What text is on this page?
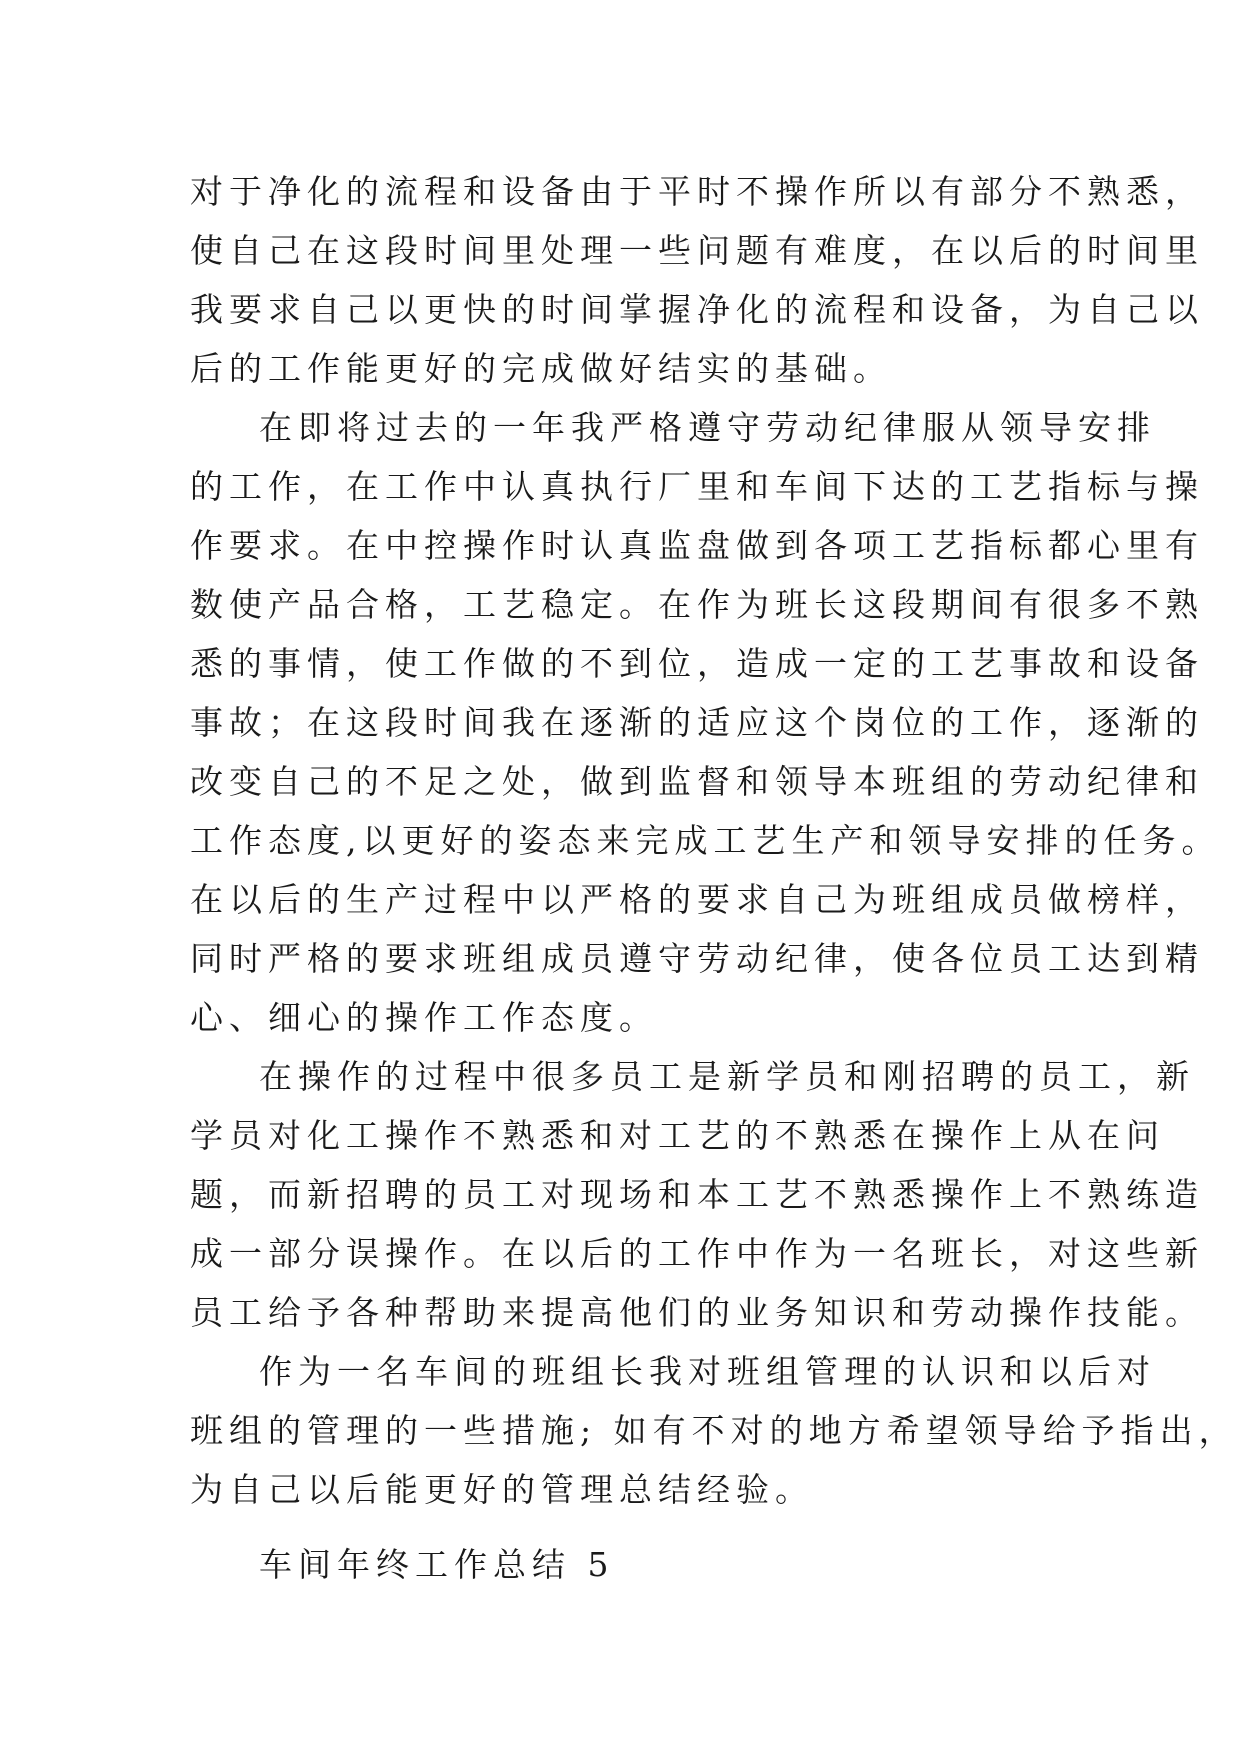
对于净化的流程和设备由于平时不操作所以有部分不熟悉，
使自己在这段时间里处理一些问题有难度，在以后的时间里
我要求自己以更快的时间掌握净化的流程和设备，为自己以
后的工作能更好的完成做好结实的基础。
在即将过去的一年我严格遵守劳动纪律服从领导安排
的工作，在工作中认真执行厂里和车间下达的工艺指标与操
作要求。在中控操作时认真监盘做到各项工艺指标都心里有
数使产品合格，工艺稳定。在作为班长这段期间有很多不熟
悉的事情，使工作做的不到位，造成一定的工艺事故和设备
事故；在这段时间我在逐渐的适应这个岗位的工作，逐渐的
改变自己的不足之处，做到监督和领导本班组的劳动纪律和
工作态度,以更好的姿态来完成工艺生产和领导安排的任务。
在以后的生产过程中以严格的要求自己为班组成员做榜样，
同时严格的要求班组成员遵守劳动纪律，使各位员工达到精
心、细心的操作工作态度。
在操作的过程中很多员工是新学员和刚招聘的员工，新
学员对化工操作不熟悉和对工艺的不熟悉在操作上从在问
题，而新招聘的员工对现场和本工艺不熟悉操作上不熟练造
成一部分误操作。在以后的工作中作为一名班长，对这些新
员工给予各种帮助来提高他们的业务知识和劳动操作技能。
作为一名车间的班组长我对班组管理的认识和以后对
班组的管理的一些措施; 如有不对的地方希望领导给予指出，
为自己以后能更好的管理总结经验。
车间年终工作总结 5
